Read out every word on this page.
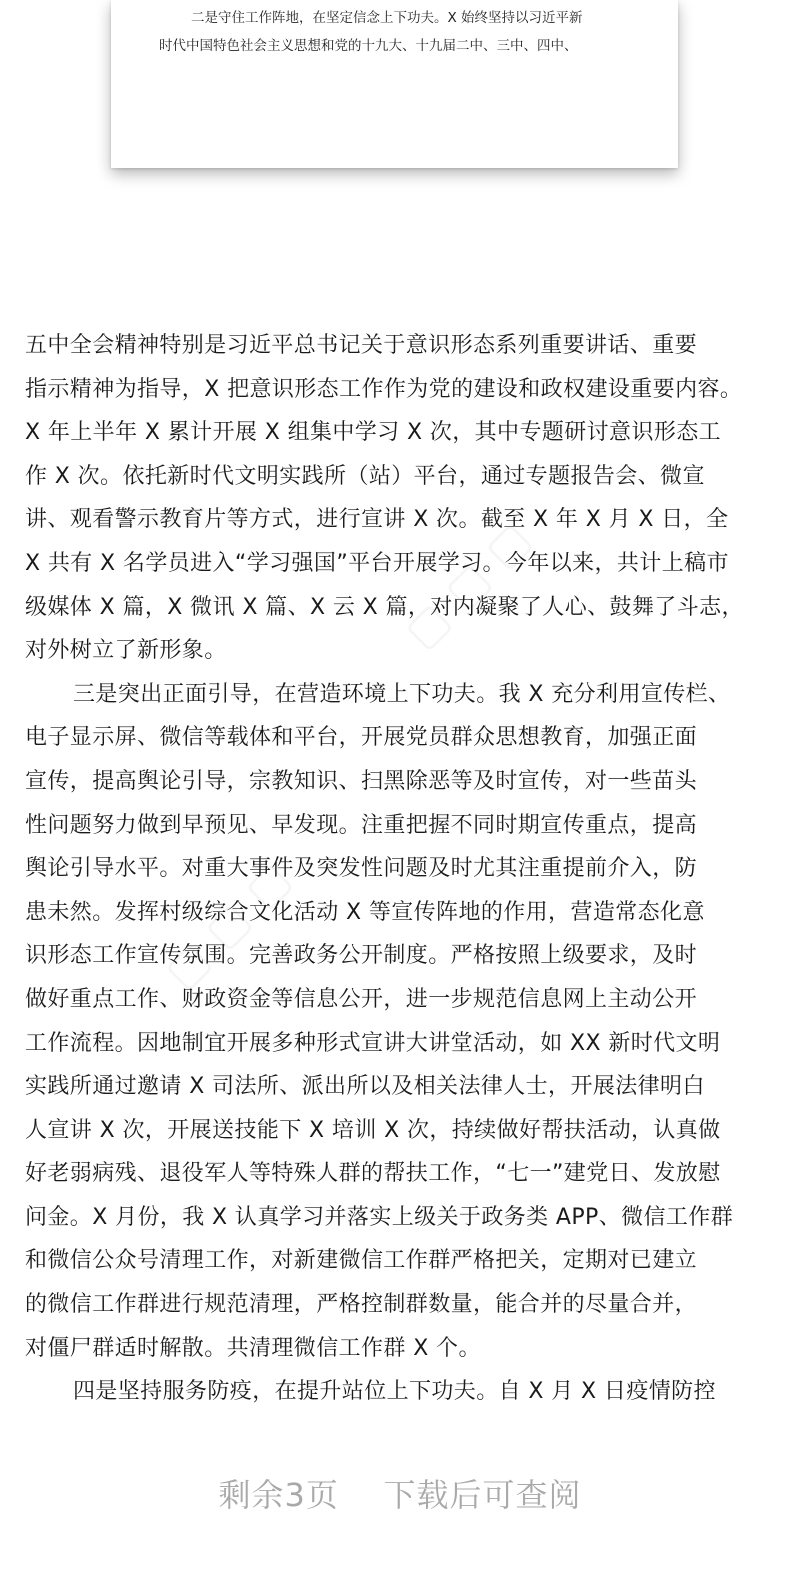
二是守住工作阵地，在坚定信念上下功夫。X 始终坚持以习近平新
时代中国特色社会主义思想和党的十九大、十九届二中、三中、四中、
▢ ▢ ▢
▢ ▢ ▢
五中全会精神特别是习近平总书记关于意识形态系列重要讲话、重要
指示精神为指导，X 把意识形态工作作为党的建设和政权建设重要内容。
X 年上半年 X 累计开展 X 组集中学习 X 次，其中专题研讨意识形态工
作 X 次。依托新时代文明实践所（站）平台，通过专题报告会、微宣
讲、观看警示教育片等方式，进行宣讲 X 次。截至 X 年 X 月 X 日，全
X 共有 X 名学员进入“学习强国”平台开展学习。今年以来，共计上稿市
级媒体 X 篇，X 微讯 X 篇、X 云 X 篇，对内凝聚了人心、鼓舞了斗志，
对外树立了新形象。
三是突出正面引导，在营造环境上下功夫。我 X 充分利用宣传栏、
电子显示屏、微信等载体和平台，开展党员群众思想教育，加强正面
宣传，提高舆论引导，宗教知识、扫黑除恶等及时宣传，对一些苗头
性问题努力做到早预见、早发现。注重把握不同时期宣传重点，提高
舆论引导水平。对重大事件及突发性问题及时尤其注重提前介入，防
患未然。发挥村级综合文化活动 X 等宣传阵地的作用，营造常态化意
识形态工作宣传氛围。完善政务公开制度。严格按照上级要求，及时
做好重点工作、财政资金等信息公开，进一步规范信息网上主动公开
工作流程。因地制宜开展多种形式宣讲大讲堂活动，如 XX 新时代文明
实践所通过邀请 X 司法所、派出所以及相关法律人士，开展法律明白
人宣讲 X 次，开展送技能下 X 培训 X 次，持续做好帮扶活动，认真做
好老弱病残、退役军人等特殊人群的帮扶工作，“七一”建党日、发放慰
问金。X 月份，我 X 认真学习并落实上级关于政务类 APP、微信工作群
和微信公众号清理工作，对新建微信工作群严格把关，定期对已建立
的微信工作群进行规范清理，严格控制群数量，能合并的尽量合并，
对僵尸群适时解散。共清理微信工作群 X 个。
四是坚持服务防疫，在提升站位上下功夫。自 X 月 X 日疫情防控
剩余3页 下载后可查阅
